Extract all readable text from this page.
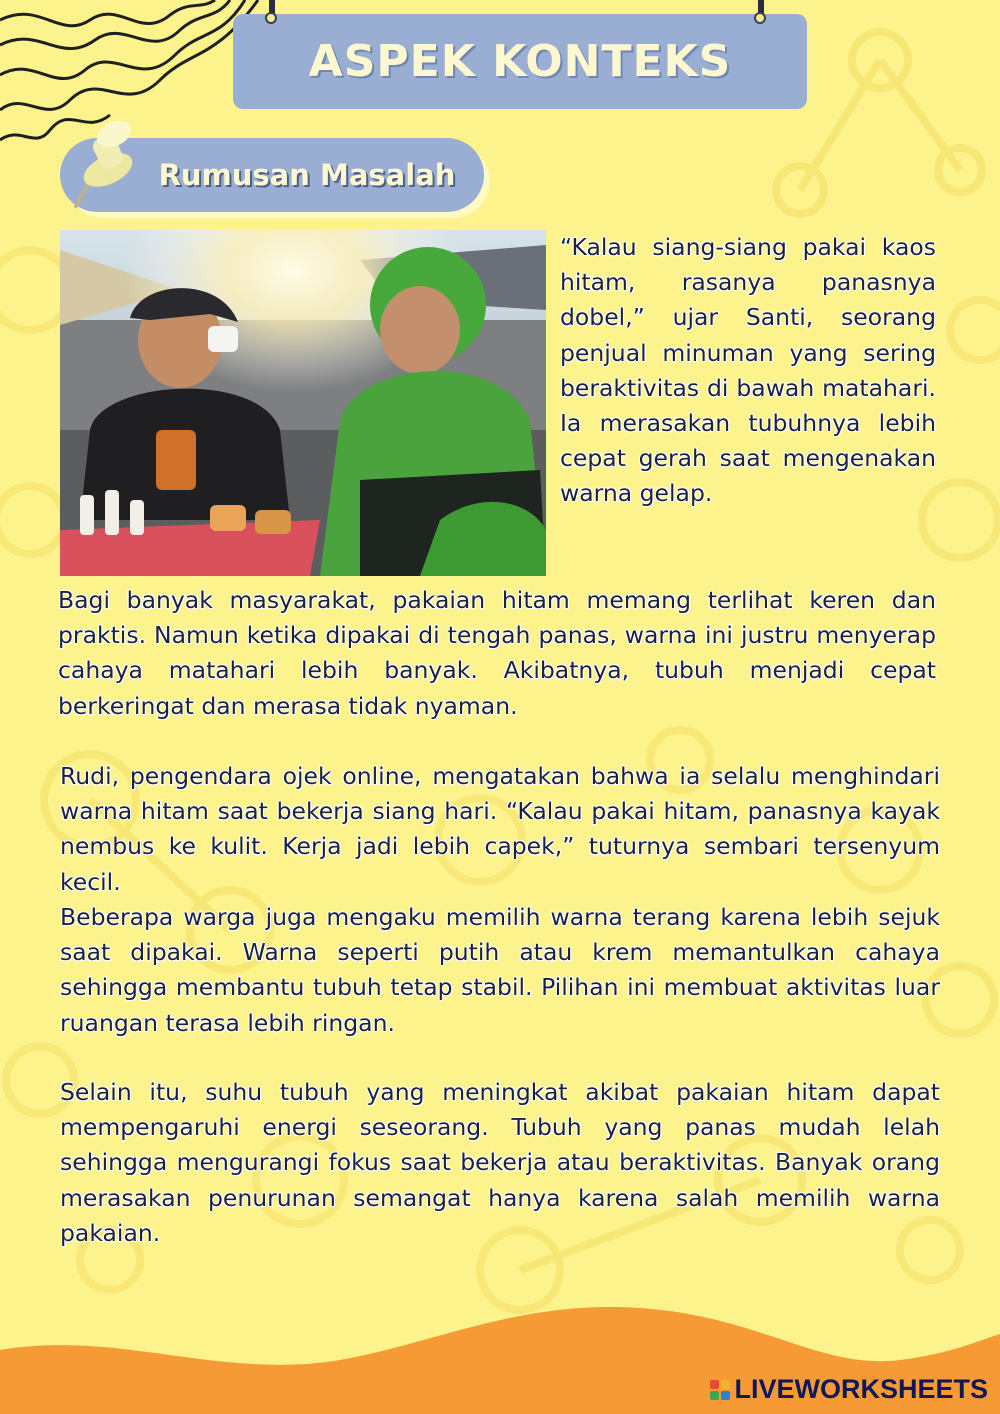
ASPEK KONTEKS
Rumusan Masalah

“Kalau siang-siang pakai kaos hitam, rasanya panasnya dobel,” ujar Santi, seorang penjual minuman yang sering beraktivitas di bawah matahari. Ia merasakan tubuhnya lebih cepat gerah saat mengenakan warna gelap.

Bagi banyak masyarakat, pakaian hitam memang terlihat keren dan praktis. Namun ketika dipakai di tengah panas, warna ini justru menyerap cahaya matahari lebih banyak. Akibatnya, tubuh menjadi cepat berkeringat dan merasa tidak nyaman.

Rudi, pengendara ojek online, mengatakan bahwa ia selalu menghindari warna hitam saat bekerja siang hari. “Kalau pakai hitam, panasnya kayak nembus ke kulit. Kerja jadi lebih capek,” tuturnya sembari tersenyum kecil.

Beberapa warga juga mengaku memilih warna terang karena lebih sejuk saat dipakai. Warna seperti putih atau krem memantulkan cahaya sehingga membantu tubuh tetap stabil. Pilihan ini membuat aktivitas luar ruangan terasa lebih ringan.

Selain itu, suhu tubuh yang meningkat akibat pakaian hitam dapat mempengaruhi energi seseorang. Tubuh yang panas mudah lelah sehingga mengurangi fokus saat bekerja atau beraktivitas. Banyak orang merasakan penurunan semangat hanya karena salah memilih warna pakaian.

LIVEWORKSHEETS
